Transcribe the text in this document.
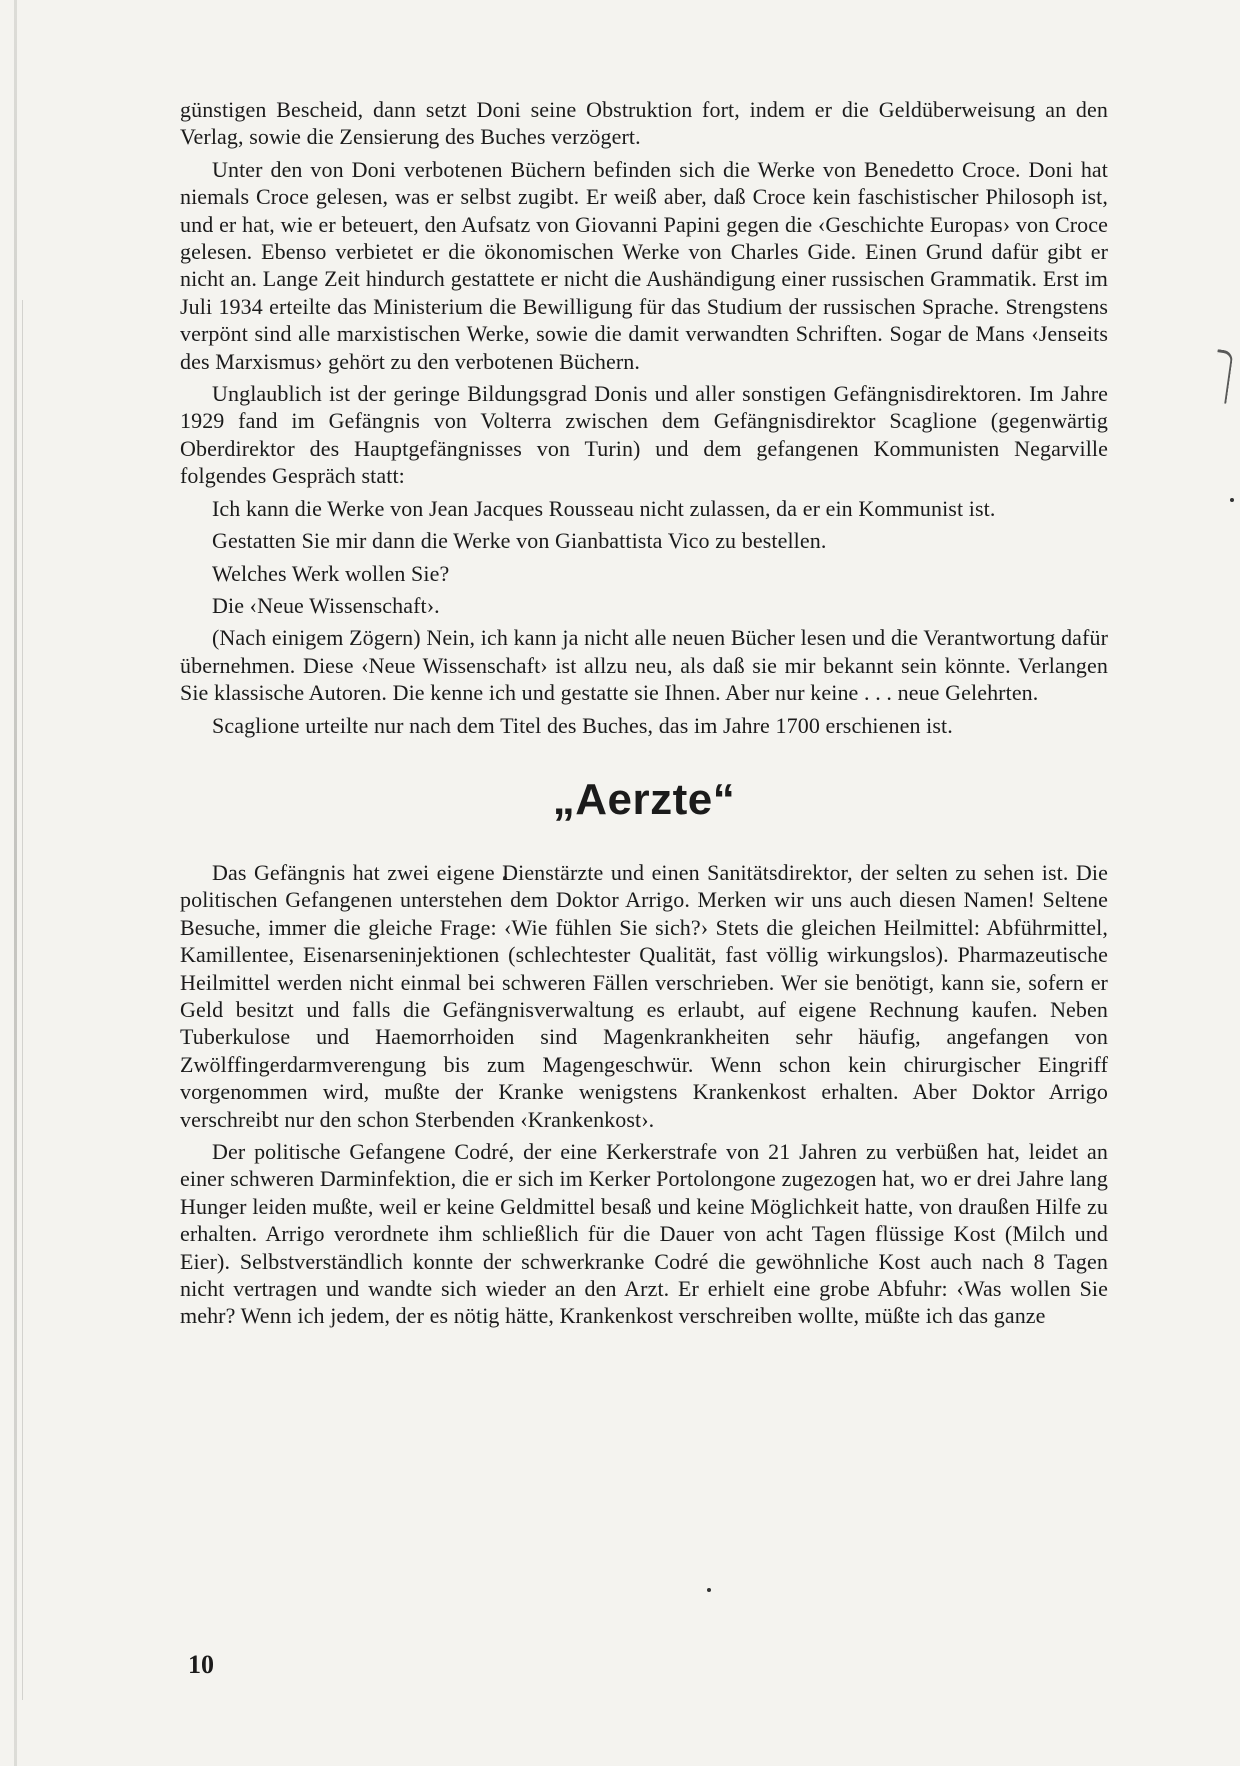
günstigen Bescheid, dann setzt Doni seine Obstruktion fort, indem er die Geldüberweisung an den Verlag, sowie die Zensierung des Buches verzögert.

Unter den von Doni verbotenen Büchern befinden sich die Werke von Benedetto Croce. Doni hat niemals Croce gelesen, was er selbst zugibt. Er weiß aber, daß Croce kein faschistischer Philosoph ist, und er hat, wie er beteuert, den Aufsatz von Giovanni Papini gegen die ‹Geschichte Europas› von Croce gelesen. Ebenso verbietet er die ökonomischen Werke von Charles Gide. Einen Grund dafür gibt er nicht an. Lange Zeit hindurch gestattete er nicht die Aushändigung einer russischen Grammatik. Erst im Juli 1934 erteilte das Ministerium die Bewilligung für das Studium der russischen Sprache. Strengstens verpönt sind alle marxistischen Werke, sowie die damit verwandten Schriften. Sogar de Mans ‹Jenseits des Marxismus› gehört zu den verbotenen Büchern.

Unglaublich ist der geringe Bildungsgrad Donis und aller sonstigen Gefängnisdirektoren. Im Jahre 1929 fand im Gefängnis von Volterra zwischen dem Gefängnisdirektor Scaglione (gegenwärtig Oberdirektor des Hauptgefängnisses von Turin) und dem gefangenen Kommunisten Negarville folgendes Gespräch statt:

Ich kann die Werke von Jean Jacques Rousseau nicht zulassen, da er ein Kommunist ist.

Gestatten Sie mir dann die Werke von Gianbattista Vico zu bestellen.

Welches Werk wollen Sie?

Die ‹Neue Wissenschaft›.

(Nach einigem Zögern) Nein, ich kann ja nicht alle neuen Bücher lesen und die Verantwortung dafür übernehmen. Diese ‹Neue Wissenschaft› ist allzu neu, als daß sie mir bekannt sein könnte. Verlangen Sie klassische Autoren. Die kenne ich und gestatte sie Ihnen. Aber nur keine . . . neue Gelehrten.

Scaglione urteilte nur nach dem Titel des Buches, das im Jahre 1700 erschienen ist.

„Aerzte“

Das Gefängnis hat zwei eigene Dienstärzte und einen Sanitätsdirektor, der selten zu sehen ist. Die politischen Gefangenen unterstehen dem Doktor Arrigo. Merken wir uns auch diesen Namen! Seltene Besuche, immer die gleiche Frage: ‹Wie fühlen Sie sich?› Stets die gleichen Heilmittel: Abführmittel, Kamillentee, Eisenarseninjektionen (schlechtester Qualität, fast völlig wirkungslos). Pharmazeutische Heilmittel werden nicht einmal bei schweren Fällen verschrieben. Wer sie benötigt, kann sie, sofern er Geld besitzt und falls die Gefängnisverwaltung es erlaubt, auf eigene Rechnung kaufen. Neben Tuberkulose und Haemorrhoiden sind Magenkrankheiten sehr häufig, angefangen von Zwölffingerdarmverengung bis zum Magengeschwür. Wenn schon kein chirurgischer Eingriff vorgenommen wird, mußte der Kranke wenigstens Krankenkost erhalten. Aber Doktor Arrigo verschreibt nur den schon Sterbenden ‹Krankenkost›.

Der politische Gefangene Codré, der eine Kerkerstrafe von 21 Jahren zu verbüßen hat, leidet an einer schweren Darminfektion, die er sich im Kerker Portolongone zugezogen hat, wo er drei Jahre lang Hunger leiden mußte, weil er keine Geldmittel besaß und keine Möglichkeit hatte, von draußen Hilfe zu erhalten. Arrigo verordnete ihm schließlich für die Dauer von acht Tagen flüssige Kost (Milch und Eier). Selbstverständlich konnte der schwerkranke Codré die gewöhnliche Kost auch nach 8 Tagen nicht vertragen und wandte sich wieder an den Arzt. Er erhielt eine grobe Abfuhr: ‹Was wollen Sie mehr? Wenn ich jedem, der es nötig hätte, Krankenkost verschreiben wollte, müßte ich das ganze

10
